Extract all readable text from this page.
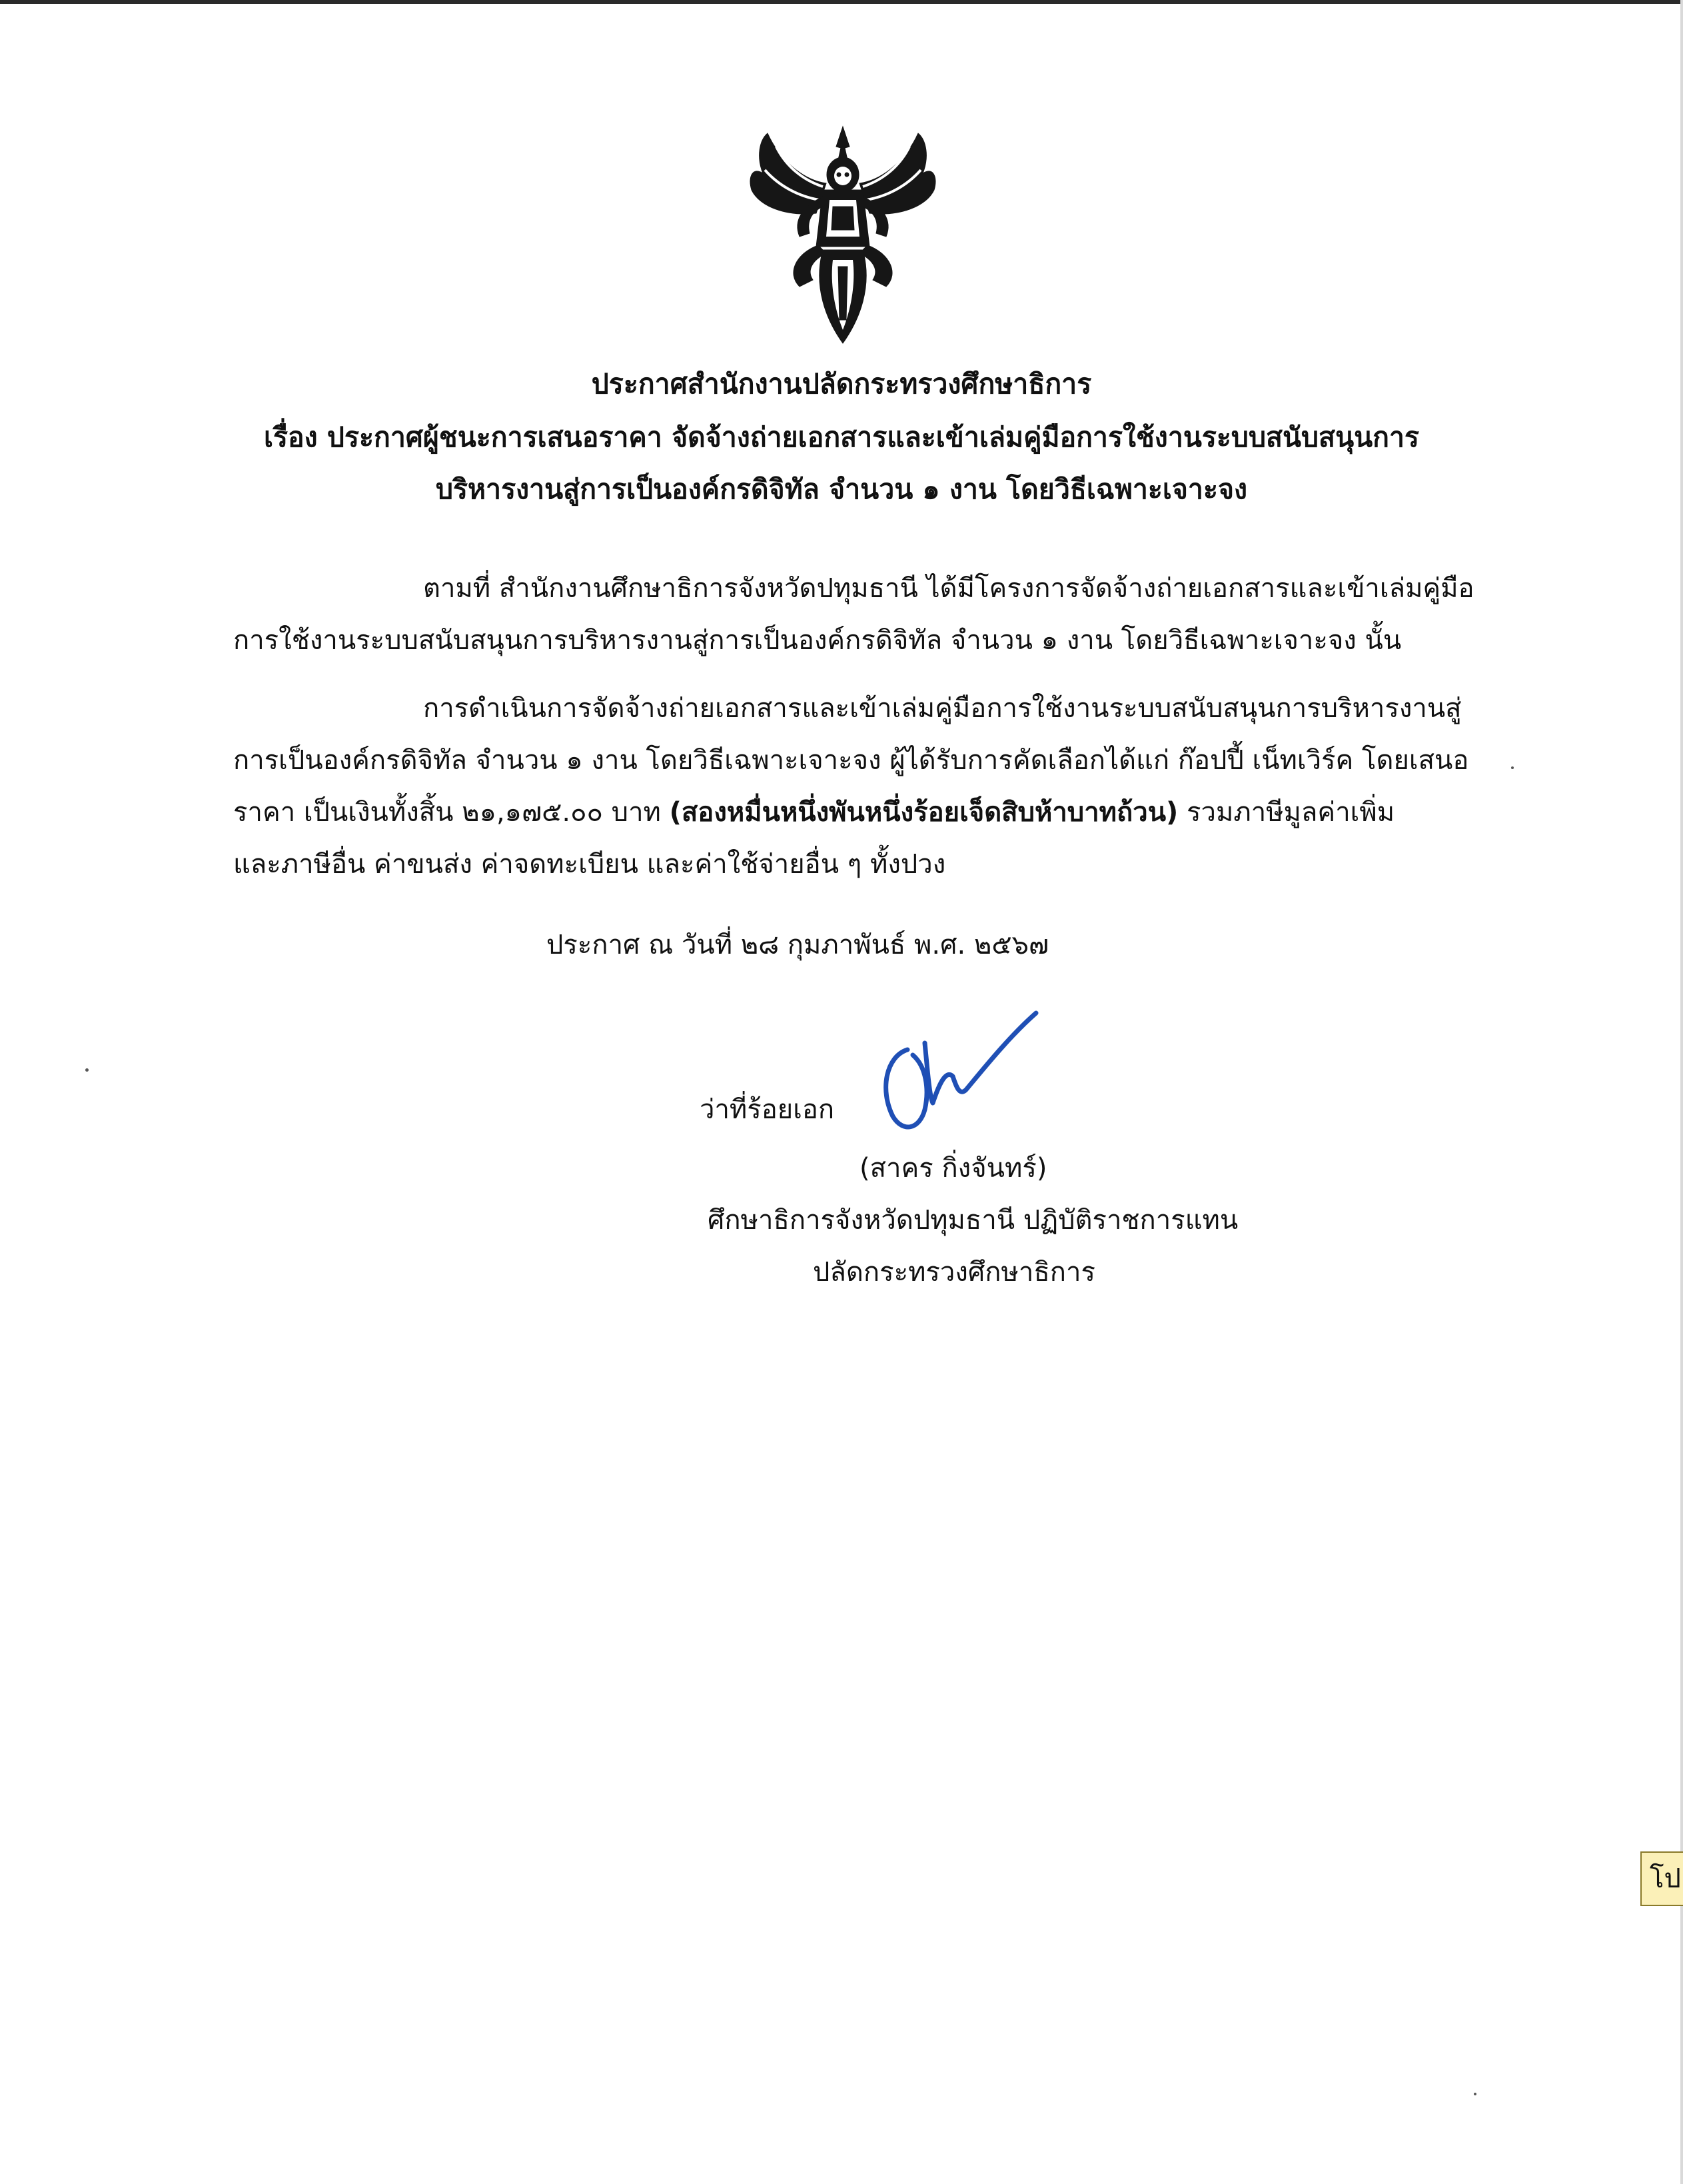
ประกาศสำนักงานปลัดกระทรวงศึกษาธิการ
เรื่อง ประกาศผู้ชนะการเสนอราคา จัดจ้างถ่ายเอกสารและเข้าเล่มคู่มือการใช้งานระบบสนับสนุนการ
บริหารงานสู่การเป็นองค์กรดิจิทัล จำนวน ๑ งาน โดยวิธีเฉพาะเจาะจง
ตามที่ สำนักงานศึกษาธิการจังหวัดปทุมธานี ได้มีโครงการจัดจ้างถ่ายเอกสารและเข้าเล่มคู่มือ
การใช้งานระบบสนับสนุนการบริหารงานสู่การเป็นองค์กรดิจิทัล จำนวน ๑ งาน โดยวิธีเฉพาะเจาะจง นั้น
การดำเนินการจัดจ้างถ่ายเอกสารและเข้าเล่มคู่มือการใช้งานระบบสนับสนุนการบริหารงานสู่
การเป็นองค์กรดิจิทัล จำนวน ๑ งาน โดยวิธีเฉพาะเจาะจง ผู้ได้รับการคัดเลือกได้แก่ ก๊อปปี้ เน็ทเวิร์ค โดยเสนอ
ราคา เป็นเงินทั้งสิ้น ๒๑,๑๗๕.๐๐ บาท (สองหมื่นหนึ่งพันหนึ่งร้อยเจ็ดสิบห้าบาทถ้วน) รวมภาษีมูลค่าเพิ่ม
และภาษีอื่น ค่าขนส่ง ค่าจดทะเบียน และค่าใช้จ่ายอื่น ๆ ทั้งปวง
ประกาศ ณ วันที่ ๒๘ กุมภาพันธ์ พ.ศ. ๒๕๖๗
ว่าที่ร้อยเอก
(สาคร กิ่งจันทร์)
ศึกษาธิการจังหวัดปทุมธานี ปฏิบัติราชการแทน
ปลัดกระทรวงศึกษาธิการ
โป
